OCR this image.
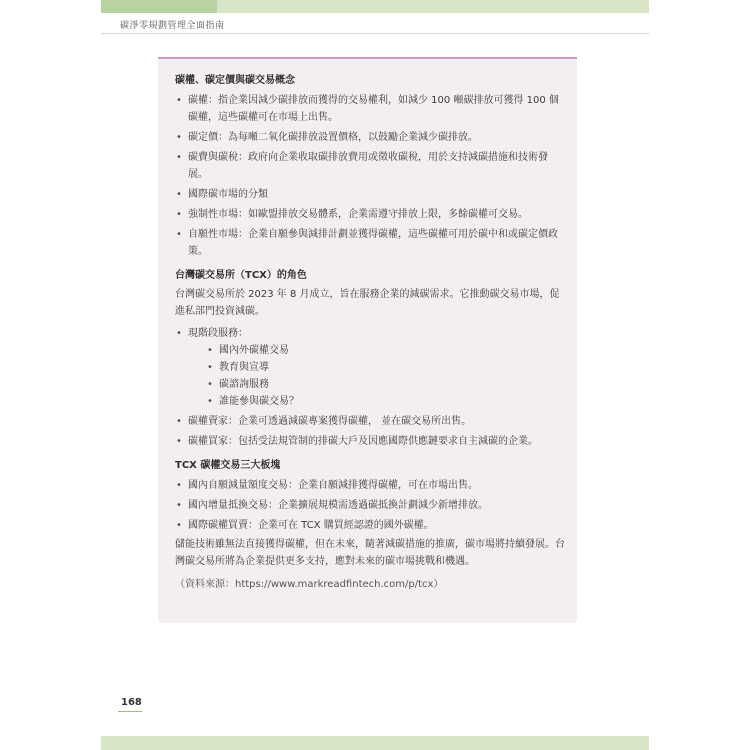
碳淨零規劃管理全面指南
碳權、碳定價與碳交易概念
• 碳權：指企業因減少碳排放而獲得的交易權利，如減少 100 噸碳排放可獲得 100 個碳權，這些碳權可在市場上出售。
• 碳定價：為每噸二氧化碳排放設置價格，以鼓勵企業減少碳排放。
• 碳費與碳稅：政府向企業收取碳排放費用或徵收碳稅，用於支持減碳措施和技術發展。
• 國際碳市場的分類
• 強制性市場：如歐盟排放交易體系，企業需遵守排放上限，多餘碳權可交易。
• 自願性市場：企業自願參與減排計劃並獲得碳權，這些碳權可用於碳中和或碳定價政策。
台灣碳交易所（TCX）的角色
台灣碳交易所於 2023 年 8 月成立，旨在服務企業的減碳需求。它推動碳交易市場，促進私部門投資減碳。
• 現階段服務：
• 國內外碳權交易
• 教育與宣導
• 碳諮詢服務
• 誰能參與碳交易？
• 碳權賣家：企業可透過減碳專案獲得碳權， 並在碳交易所出售。
• 碳權買家：包括受法規管制的排碳大戶及因應國際供應鏈要求自主減碳的企業。
TCX 碳權交易三大板塊
• 國內自願減量額度交易：企業自願減排獲得碳權，可在市場出售。
• 國內增量抵換交易：企業擴展規模需透過碳抵換計劃減少新增排放。
• 國際碳權買賣：企業可在 TCX 購買經認證的國外碳權。
儲能技術雖無法直接獲得碳權，但在未來，隨著減碳措施的推廣，碳市場將持續發展。台灣碳交易所將為企業提供更多支持，應對未來的碳市場挑戰和機遇。
（資料來源：https://www.markreadfintech.com/p/tcx）
168
